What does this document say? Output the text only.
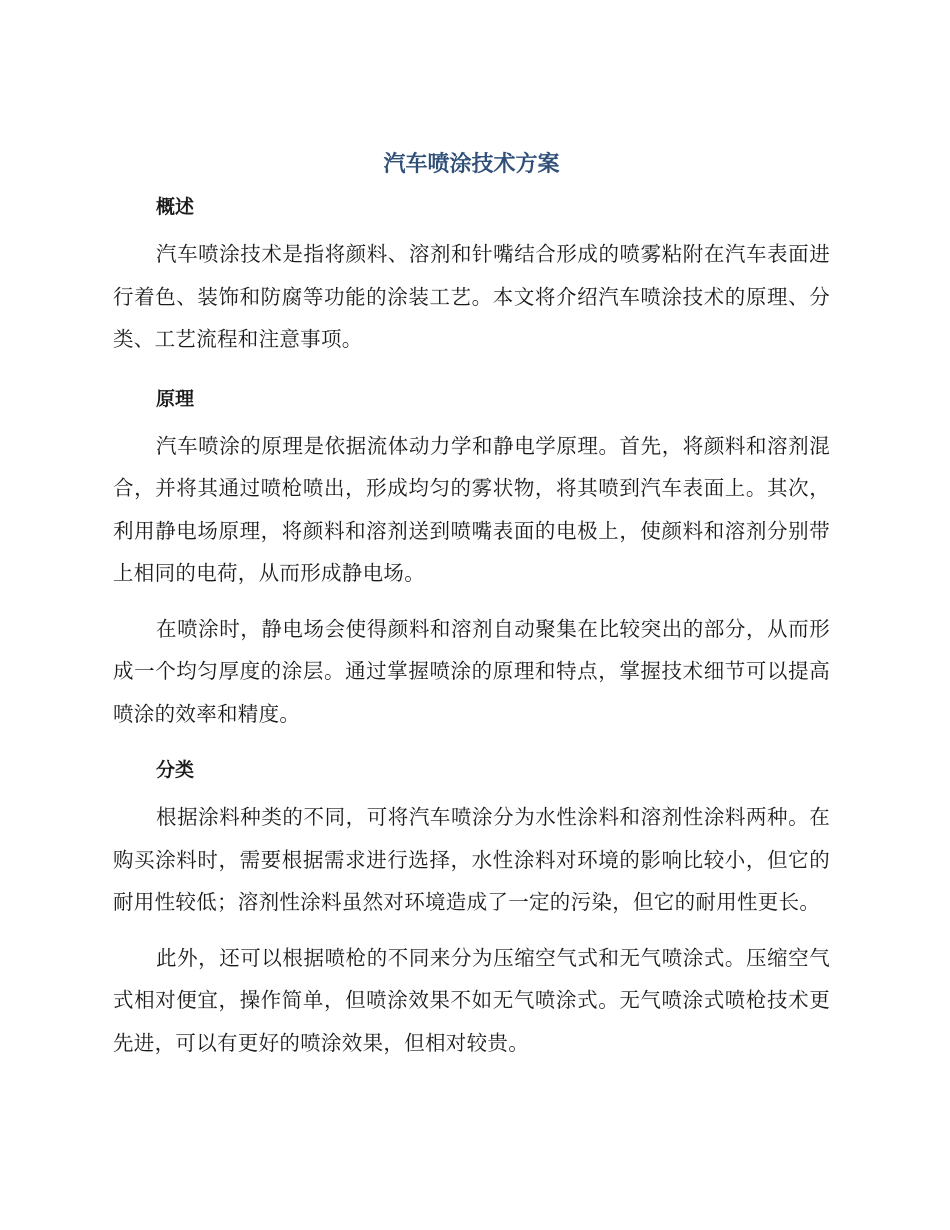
汽车喷涂技术方案
概述

汽车喷涂技术是指将颜料、溶剂和针嘴结合形成的喷雾粘附在汽车表面进行着色、装饰和防腐等功能的涂装工艺。本文将介绍汽车喷涂技术的原理、分类、工艺流程和注意事项。

原理

汽车喷涂的原理是依据流体动力学和静电学原理。首先，将颜料和溶剂混合，并将其通过喷枪喷出，形成均匀的雾状物，将其喷到汽车表面上。其次，利用静电场原理，将颜料和溶剂送到喷嘴表面的电极上，使颜料和溶剂分别带上相同的电荷，从而形成静电场。

在喷涂时，静电场会使得颜料和溶剂自动聚集在比较突出的部分，从而形成一个均匀厚度的涂层。通过掌握喷涂的原理和特点，掌握技术细节可以提高喷涂的效率和精度。

分类

根据涂料种类的不同，可将汽车喷涂分为水性涂料和溶剂性涂料两种。在购买涂料时，需要根据需求进行选择，水性涂料对环境的影响比较小，但它的耐用性较低；溶剂性涂料虽然对环境造成了一定的污染，但它的耐用性更长。

此外，还可以根据喷枪的不同来分为压缩空气式和无气喷涂式。压缩空气式相对便宜，操作简单，但喷涂效果不如无气喷涂式。无气喷涂式喷枪技术更先进，可以有更好的喷涂效果，但相对较贵。
